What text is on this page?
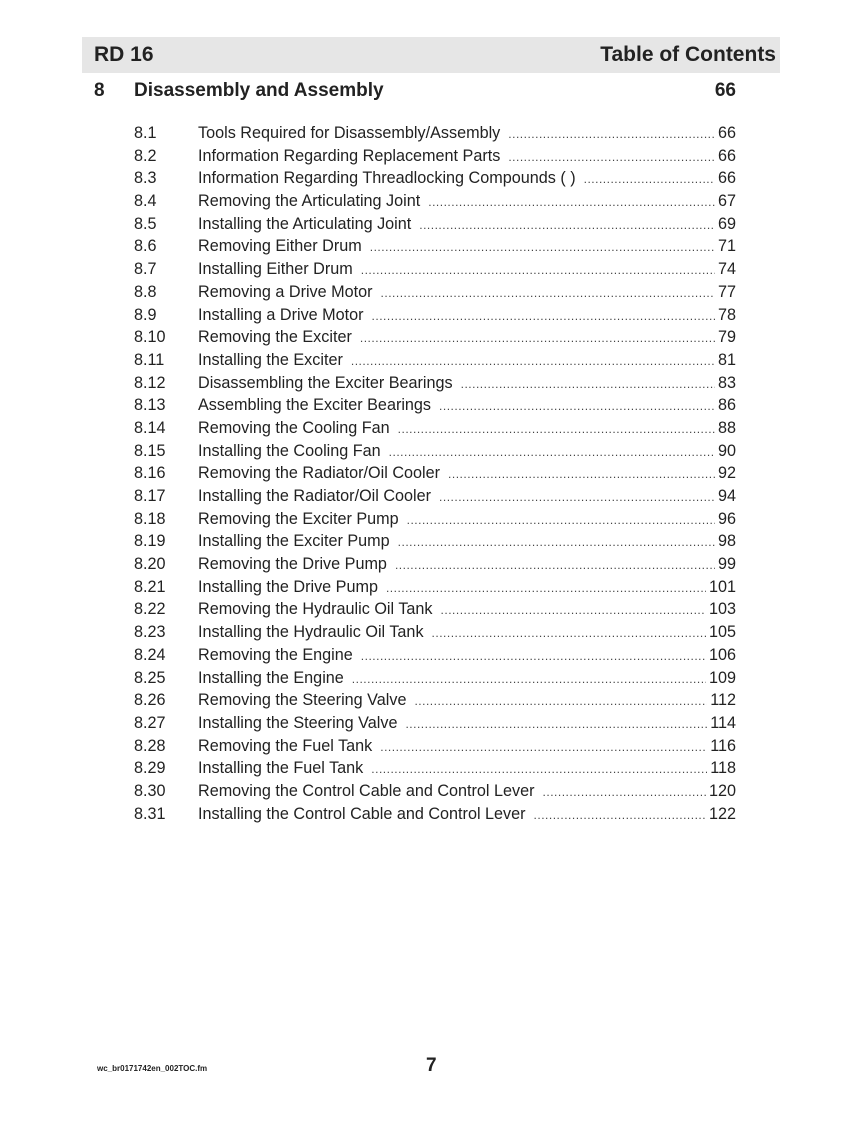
RD 16	Table of Contents
8 Disassembly and Assembly	66
8.1	Tools Required for Disassembly/Assembly .....	66
8.2	Information Regarding Replacement Parts .....	66
8.3	Information Regarding Threadlocking Compounds ( ) .....	66
8.4	Removing the Articulating Joint .....	67
8.5	Installing the Articulating Joint .....	69
8.6	Removing Either Drum .....	71
8.7	Installing Either Drum .....	74
8.8	Removing a Drive Motor .....	77
8.9	Installing a Drive Motor .....	78
8.10	Removing the Exciter .....	79
8.11	Installing the Exciter .....	81
8.12	Disassembling the Exciter Bearings .....	83
8.13	Assembling the Exciter Bearings .....	86
8.14	Removing the Cooling Fan .....	88
8.15	Installing the Cooling Fan .....	90
8.16	Removing the Radiator/Oil Cooler .....	92
8.17	Installing the Radiator/Oil Cooler .....	94
8.18	Removing the Exciter Pump .....	96
8.19	Installing the Exciter Pump .....	98
8.20	Removing the Drive Pump .....	99
8.21	Installing the Drive Pump .....	101
8.22	Removing the Hydraulic Oil Tank .....	103
8.23	Installing the Hydraulic Oil Tank .....	105
8.24	Removing the Engine .....	106
8.25	Installing the Engine .....	109
8.26	Removing the Steering Valve .....	112
8.27	Installing the Steering Valve .....	114
8.28	Removing the Fuel Tank .....	116
8.29	Installing the Fuel Tank .....	118
8.30	Removing the Control Cable and Control Lever .....	120
8.31	Installing the Control Cable and Control Lever .....	122
wc_br0171742en_002TOC.fm	7
